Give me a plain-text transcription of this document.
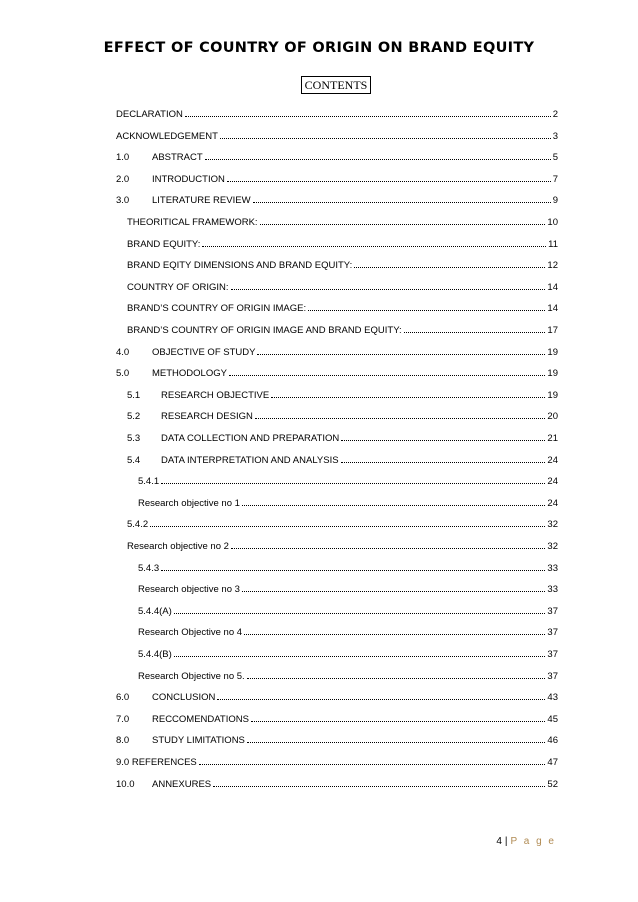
EFFECT OF COUNTRY OF ORIGIN ON BRAND EQUITY
CONTENTS
DECLARATION	2
ACKNOWLEDGEMENT	3
1.0	ABSTRACT	5
2.0	INTRODUCTION	7
3.0	LITERATURE REVIEW	9
THEORITICAL FRAMEWORK:	10
BRAND EQUITY:	11
BRAND EQITY DIMENSIONS AND BRAND EQUITY:	12
COUNTRY OF ORIGIN:	14
BRAND’S COUNTRY OF ORIGIN IMAGE:	14
BRAND’S COUNTRY OF ORIGIN IMAGE AND BRAND EQUITY:	17
4.0	OBJECTIVE OF STUDY	19
5.0	METHODOLOGY	19
5.1	RESEARCH OBJECTIVE	19
5.2	RESEARCH DESIGN	20
5.3	DATA COLLECTION AND PREPARATION	21
5.4	DATA INTERPRETATION AND ANALYSIS	24
5.4.1	24
Research objective no 1	24
5.4.2	32
Research objective no 2	32
5.4.3	33
Research objective no 3	33
5.4.4(A)	37
Research Objective no 4	37
5.4.4(B)	37
Research Objective no 5.	37
6.0	CONCLUSION	43
7.0	RECCOMENDATIONS	45
8.0	STUDY LIMITATIONS	46
9.0 REFERENCES	47
10.0	ANNEXURES	52
4 | P a g e
